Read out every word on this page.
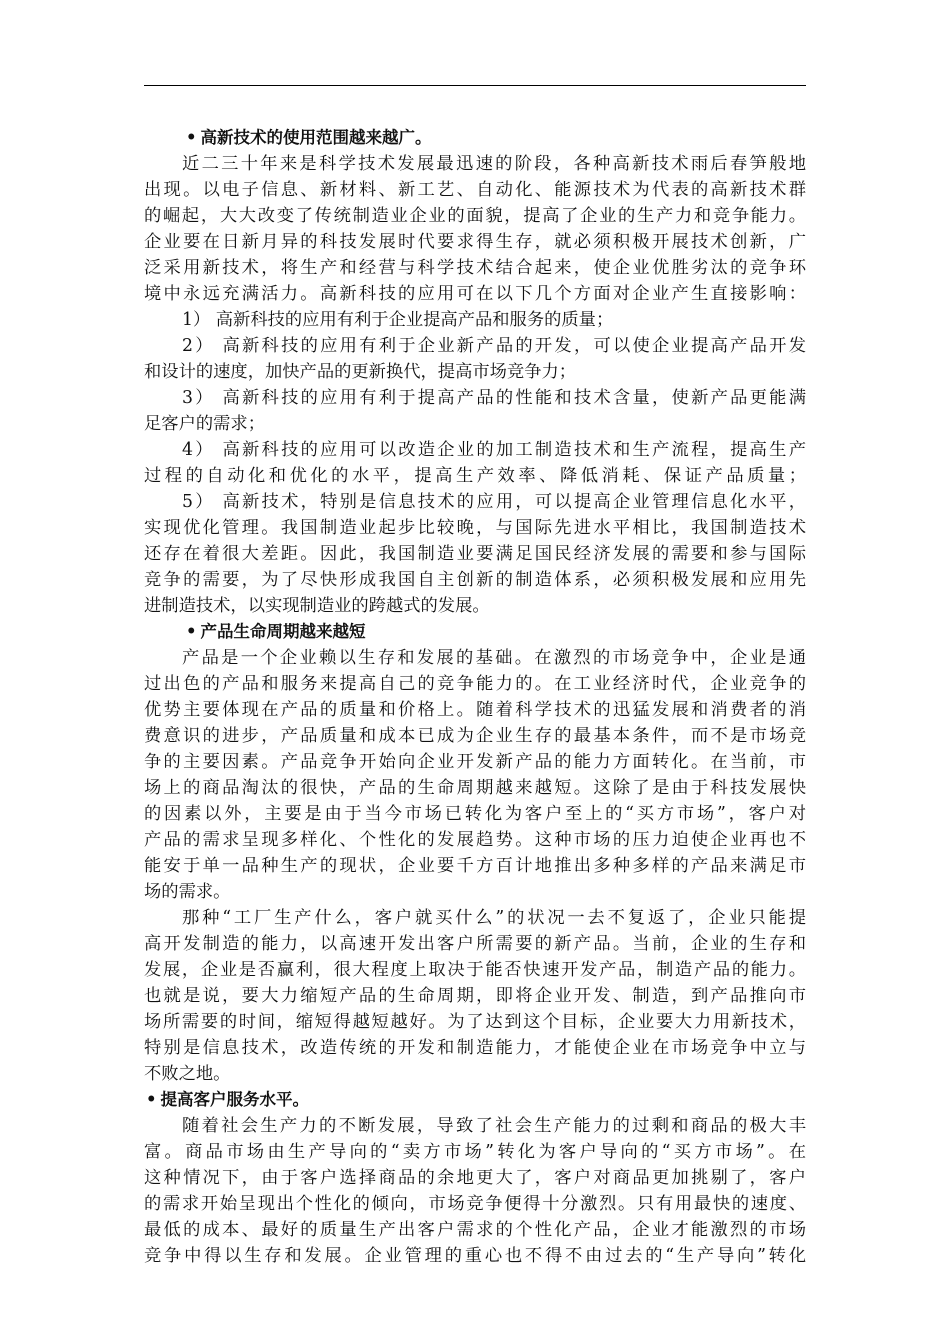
• 高新技术的使用范围越来越广。
近二三十年来是科学技术发展最迅速的阶段，各种高新技术雨后春笋般地
出现。以电子信息、新材料、新工艺、自动化、能源技术为代表的高新技术群
的崛起，大大改变了传统制造业企业的面貌，提高了企业的生产力和竞争能力。
企业要在日新月异的科技发展时代要求得生存，就必须积极开展技术创新，广
泛采用新技术，将生产和经营与科学技术结合起来，使企业优胜劣汰的竞争环
境中永远充满活力。高新科技的应用可在以下几个方面对企业产生直接影响：
1） 高新科技的应用有利于企业提高产品和服务的质量；
2） 高新科技的应用有利于企业新产品的开发，可以使企业提高产品开发
和设计的速度，加快产品的更新换代，提高市场竞争力；
3） 高新科技的应用有利于提高产品的性能和技术含量，使新产品更能满
足客户的需求；
4） 高新科技的应用可以改造企业的加工制造技术和生产流程，提高生产
过程的自动化和优化的水平，提高生产效率、降低消耗、保证产品质量；
5） 高新技术，特别是信息技术的应用，可以提高企业管理信息化水平，
实现优化管理。我国制造业起步比较晚，与国际先进水平相比，我国制造技术
还存在着很大差距。因此，我国制造业要满足国民经济发展的需要和参与国际
竞争的需要，为了尽快形成我国自主创新的制造体系，必须积极发展和应用先
进制造技术，以实现制造业的跨越式的发展。
• 产品生命周期越来越短
产品是一个企业赖以生存和发展的基础。在激烈的市场竞争中，企业是通
过出色的产品和服务来提高自己的竞争能力的。在工业经济时代，企业竞争的
优势主要体现在产品的质量和价格上。随着科学技术的迅猛发展和消费者的消
费意识的进步，产品质量和成本已成为企业生存的最基本条件，而不是市场竞
争的主要因素。产品竞争开始向企业开发新产品的能力方面转化。在当前，市
场上的商品淘汰的很快，产品的生命周期越来越短。这除了是由于科技发展快
的因素以外，主要是由于当今市场已转化为客户至上的“买方市场”，客户对
产品的需求呈现多样化、个性化的发展趋势。这种市场的压力迫使企业再也不
能安于单一品种生产的现状，企业要千方百计地推出多种多样的产品来满足市
场的需求。
那种“工厂生产什么，客户就买什么”的状况一去不复返了，企业只能提
高开发制造的能力，以高速开发出客户所需要的新产品。当前，企业的生存和
发展，企业是否赢利，很大程度上取决于能否快速开发产品，制造产品的能力。
也就是说，要大力缩短产品的生命周期，即将企业开发、制造，到产品推向市
场所需要的时间，缩短得越短越好。为了达到这个目标，企业要大力用新技术，
特别是信息技术，改造传统的开发和制造能力，才能使企业在市场竞争中立与
不败之地。
• 提高客户服务水平。
随着社会生产力的不断发展，导致了社会生产能力的过剩和商品的极大丰
富。商品市场由生产导向的“卖方市场”转化为客户导向的“买方市场”。在
这种情况下，由于客户选择商品的余地更大了，客户对商品更加挑剔了，客户
的需求开始呈现出个性化的倾向，市场竞争便得十分激烈。只有用最快的速度、
最低的成本、最好的质量生产出客户需求的个性化产品，企业才能激烈的市场
竞争中得以生存和发展。企业管理的重心也不得不由过去的“生产导向”转化
